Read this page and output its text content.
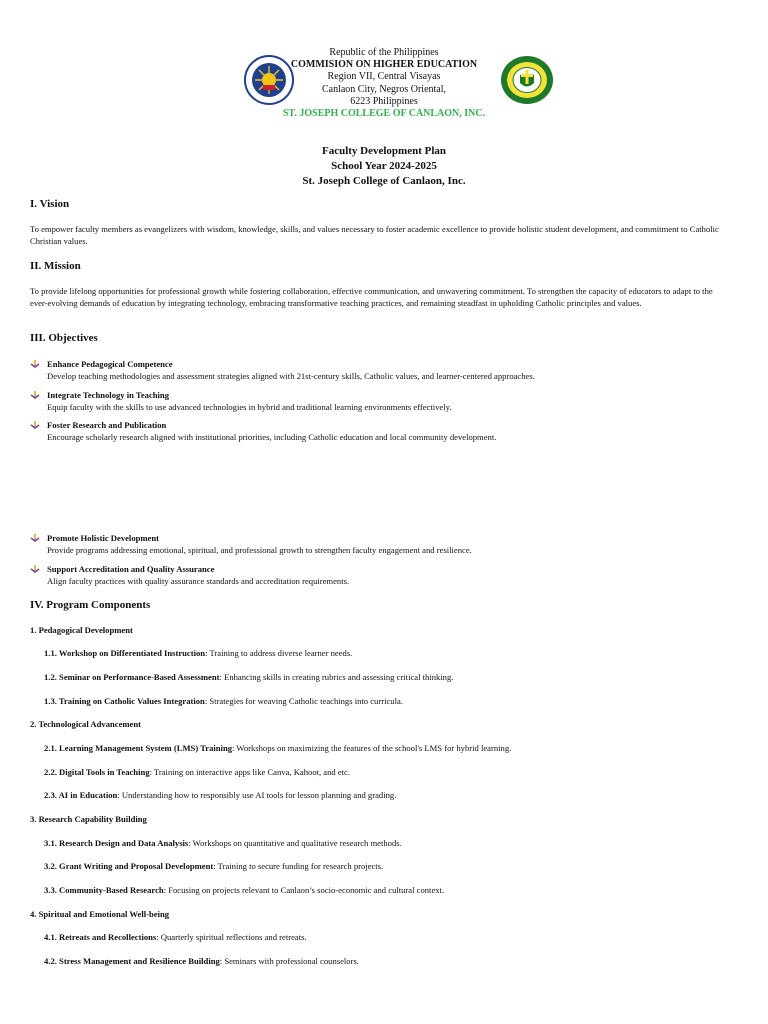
Republic of the Philippines
COMMISION ON HIGHER EDUCATION
Region VII, Central Visayas
Canlaon City, Negros Oriental,
6223 Philippines
ST. JOSEPH COLLEGE OF CANLAON, INC.
Faculty Development Plan
School Year 2024-2025
St. Joseph College of Canlaon, Inc.
I. Vision
To empower faculty members as evangelizers with wisdom, knowledge, skills, and values necessary to foster academic excellence to provide holistic student development, and commitment to Catholic Christian values.
II. Mission
To provide lifelong opportunities for professional growth while fostering collaboration, effective communication, and unwavering commitment. To strengthen the capacity of educators to adapt to the ever-evolving demands of education by integrating technology, embracing transformative teaching practices, and remaining steadfast in upholding Catholic principles and values.
III. Objectives
Enhance Pedagogical Competence
Develop teaching methodologies and assessment strategies aligned with 21st-century skills, Catholic values, and learner-centered approaches.
Integrate Technology in Teaching
Equip faculty with the skills to use advanced technologies in hybrid and traditional learning environments effectively.
Foster Research and Publication
Encourage scholarly research aligned with institutional priorities, including Catholic education and local community development.
Promote Holistic Development
Provide programs addressing emotional, spiritual, and professional growth to strengthen faculty engagement and resilience.
Support Accreditation and Quality Assurance
Align faculty practices with quality assurance standards and accreditation requirements.
IV. Program Components
1. Pedagogical Development
1.1. Workshop on Differentiated Instruction: Training to address diverse learner needs.
1.2. Seminar on Performance-Based Assessment: Enhancing skills in creating rubrics and assessing critical thinking.
1.3. Training on Catholic Values Integration: Strategies for weaving Catholic teachings into curricula.
2. Technological Advancement
2.1. Learning Management System (LMS) Training: Workshops on maximizing the features of the school's LMS for hybrid learning.
2.2. Digital Tools in Teaching: Training on interactive apps like Canva, Kahoot, and etc.
2.3. AI in Education: Understanding how to responsibly use AI tools for lesson planning and grading.
3. Research Capability Building
3.1. Research Design and Data Analysis: Workshops on quantitative and qualitative research methods.
3.2. Grant Writing and Proposal Development: Training to secure funding for research projects.
3.3. Community-Based Research: Focusing on projects relevant to Canlaon’s socio-economic and cultural context.
4. Spiritual and Emotional Well-being
4.1. Retreats and Recollections: Quarterly spiritual reflections and retreats.
4.2. Stress Management and Resilience Building: Seminars with professional counselors.
